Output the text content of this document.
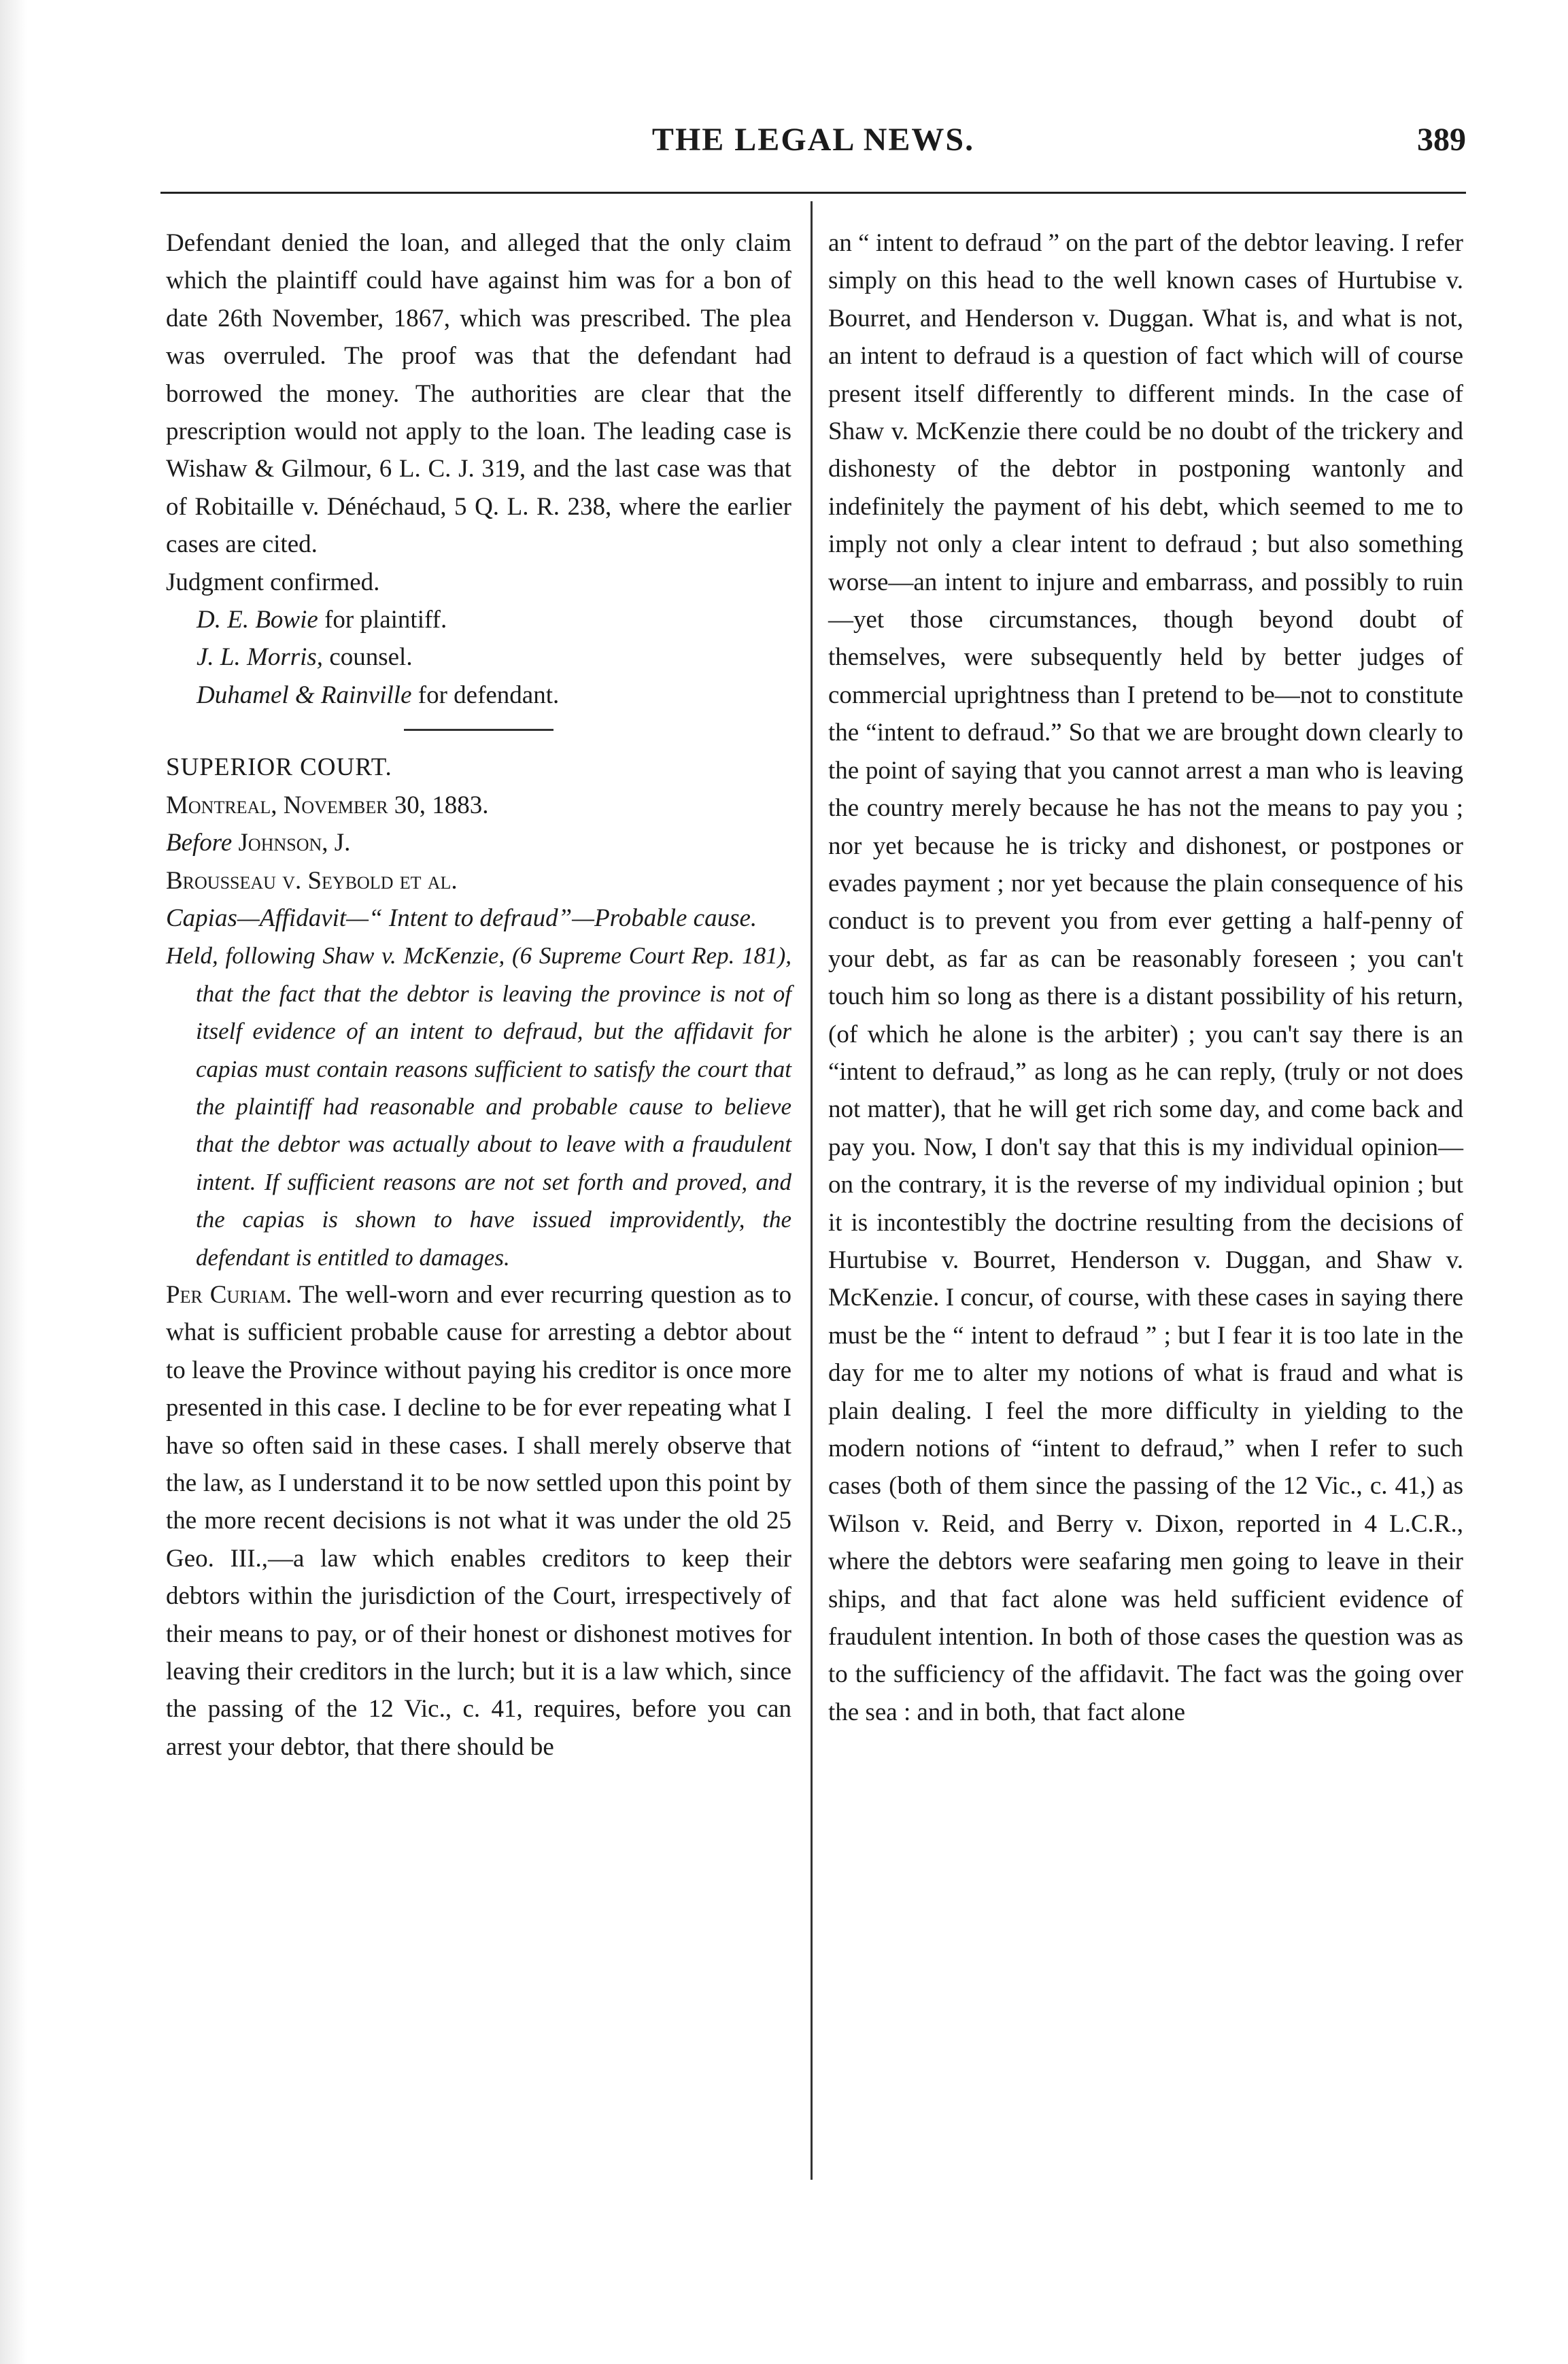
THE LEGAL NEWS.	389

Defendant denied the loan, and alleged that the only claim which the plaintiff could have against him was for a bon of date 26th November, 1867, which was prescribed. The plea was overruled. The proof was that the defendant had borrowed the money. The authorities are clear that the prescription would not apply to the loan. The leading case is Wishaw & Gilmour, 6 L. C. J. 319, and the last case was that of Robitaille v. Dénéchaud, 5 Q. L. R. 238, where the earlier cases are cited.

Judgment confirmed.

D. E. Bowie for plaintiff.

J. L. Morris, counsel.

Duhamel & Rainville for defendant.

SUPERIOR COURT.

Montreal, November 30, 1883.

Before Johnson, J.

Brousseau v. Seybold et al.

Capias—Affidavit—“ Intent to defraud”—Probable cause.

Held, following Shaw v. McKenzie, (6 Supreme Court Rep. 181), that the fact that the debtor is leaving the province is not of itself evidence of an intent to defraud, but the affidavit for capias must contain reasons sufficient to satisfy the court that the plaintiff had reasonable and probable cause to believe that the debtor was actually about to leave with a fraudulent intent. If sufficient reasons are not set forth and proved, and the capias is shown to have issued improvidently, the defendant is entitled to damages.

Per Curiam. The well-worn and ever recurring question as to what is sufficient probable cause for arresting a debtor about to leave the Province without paying his creditor is once more presented in this case. I decline to be for ever repeating what I have so often said in these cases. I shall merely observe that the law, as I understand it to be now settled upon this point by the more recent decisions is not what it was under the old 25 Geo. III.,—a law which enables creditors to keep their debtors within the jurisdiction of the Court, irrespectively of their means to pay, or of their honest or dishonest motives for leaving their creditors in the lurch; but it is a law which, since the passing of the 12 Vic., c. 41, requires, before you can arrest your debtor, that there should be

an “ intent to defraud ” on the part of the debtor leaving. I refer simply on this head to the well known cases of Hurtubise v. Bourret, and Henderson v. Duggan. What is, and what is not, an intent to defraud is a question of fact which will of course present itself differently to different minds. In the case of Shaw v. McKenzie there could be no doubt of the trickery and dishonesty of the debtor in postponing wantonly and indefinitely the payment of his debt, which seemed to me to imply not only a clear intent to defraud ; but also something worse—an intent to injure and embarrass, and possibly to ruin—yet those circumstances, though beyond doubt of themselves, were subsequently held by better judges of commercial uprightness than I pretend to be—not to constitute the “intent to defraud.” So that we are brought down clearly to the point of saying that you cannot arrest a man who is leaving the country merely because he has not the means to pay you ; nor yet because he is tricky and dishonest, or postpones or evades payment ; nor yet because the plain consequence of his conduct is to prevent you from ever getting a half-penny of your debt, as far as can be reasonably foreseen ; you can't touch him so long as there is a distant possibility of his return, (of which he alone is the arbiter) ; you can't say there is an “intent to defraud,” as long as he can reply, (truly or not does not matter), that he will get rich some day, and come back and pay you. Now, I don't say that this is my individual opinion—on the contrary, it is the reverse of my individual opinion ; but it is incontestibly the doctrine resulting from the decisions of Hurtubise v. Bourret, Henderson v. Duggan, and Shaw v. McKenzie. I concur, of course, with these cases in saying there must be the “ intent to defraud ” ; but I fear it is too late in the day for me to alter my notions of what is fraud and what is plain dealing. I feel the more difficulty in yielding to the modern notions of “intent to defraud,” when I refer to such cases (both of them since the passing of the 12 Vic., c. 41,) as Wilson v. Reid, and Berry v. Dixon, reported in 4 L.C.R., where the debtors were seafaring men going to leave in their ships, and that fact alone was held sufficient evidence of fraudulent intention. In both of those cases the question was as to the sufficiency of the affidavit. The fact was the going over the sea : and in both, that fact alone
